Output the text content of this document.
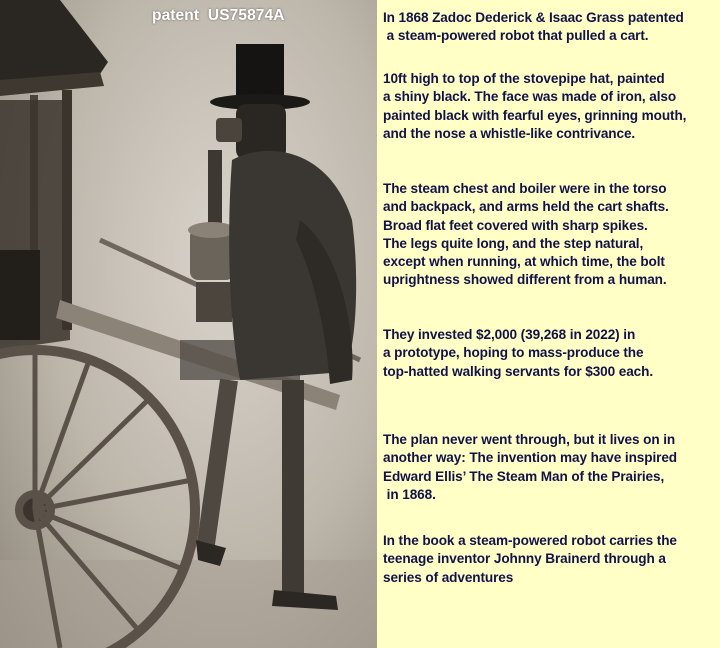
patent  US75874A	In 1868 Zadoc Dederick & Isaac Grass patented
a steam-powered robot that pulled a cart.
10ft high to top of the stovepipe hat, painted
a shiny black. The face was made of iron, also
painted black with fearful eyes, grinning mouth,
and the nose a whistle-like contrivance.
The steam chest and boiler were in the torso
and backpack, and arms held the cart shafts.
Broad flat feet covered with sharp spikes.
The legs quite long, and the step natural,
except when running, at which time, the bolt
uprightness showed different from a human.
They invested $2,000 (39,268 in 2022) in
a prototype, hoping to mass-produce the
top-hatted walking servants for $300 each.
The plan never went through, but it lives on in
another way: The invention may have inspired
Edward Ellis’ The Steam Man of the Prairies,
in 1868.
In the book a steam-powered robot carries the
teenage inventor Johnny Brainerd through a
series of adventures
